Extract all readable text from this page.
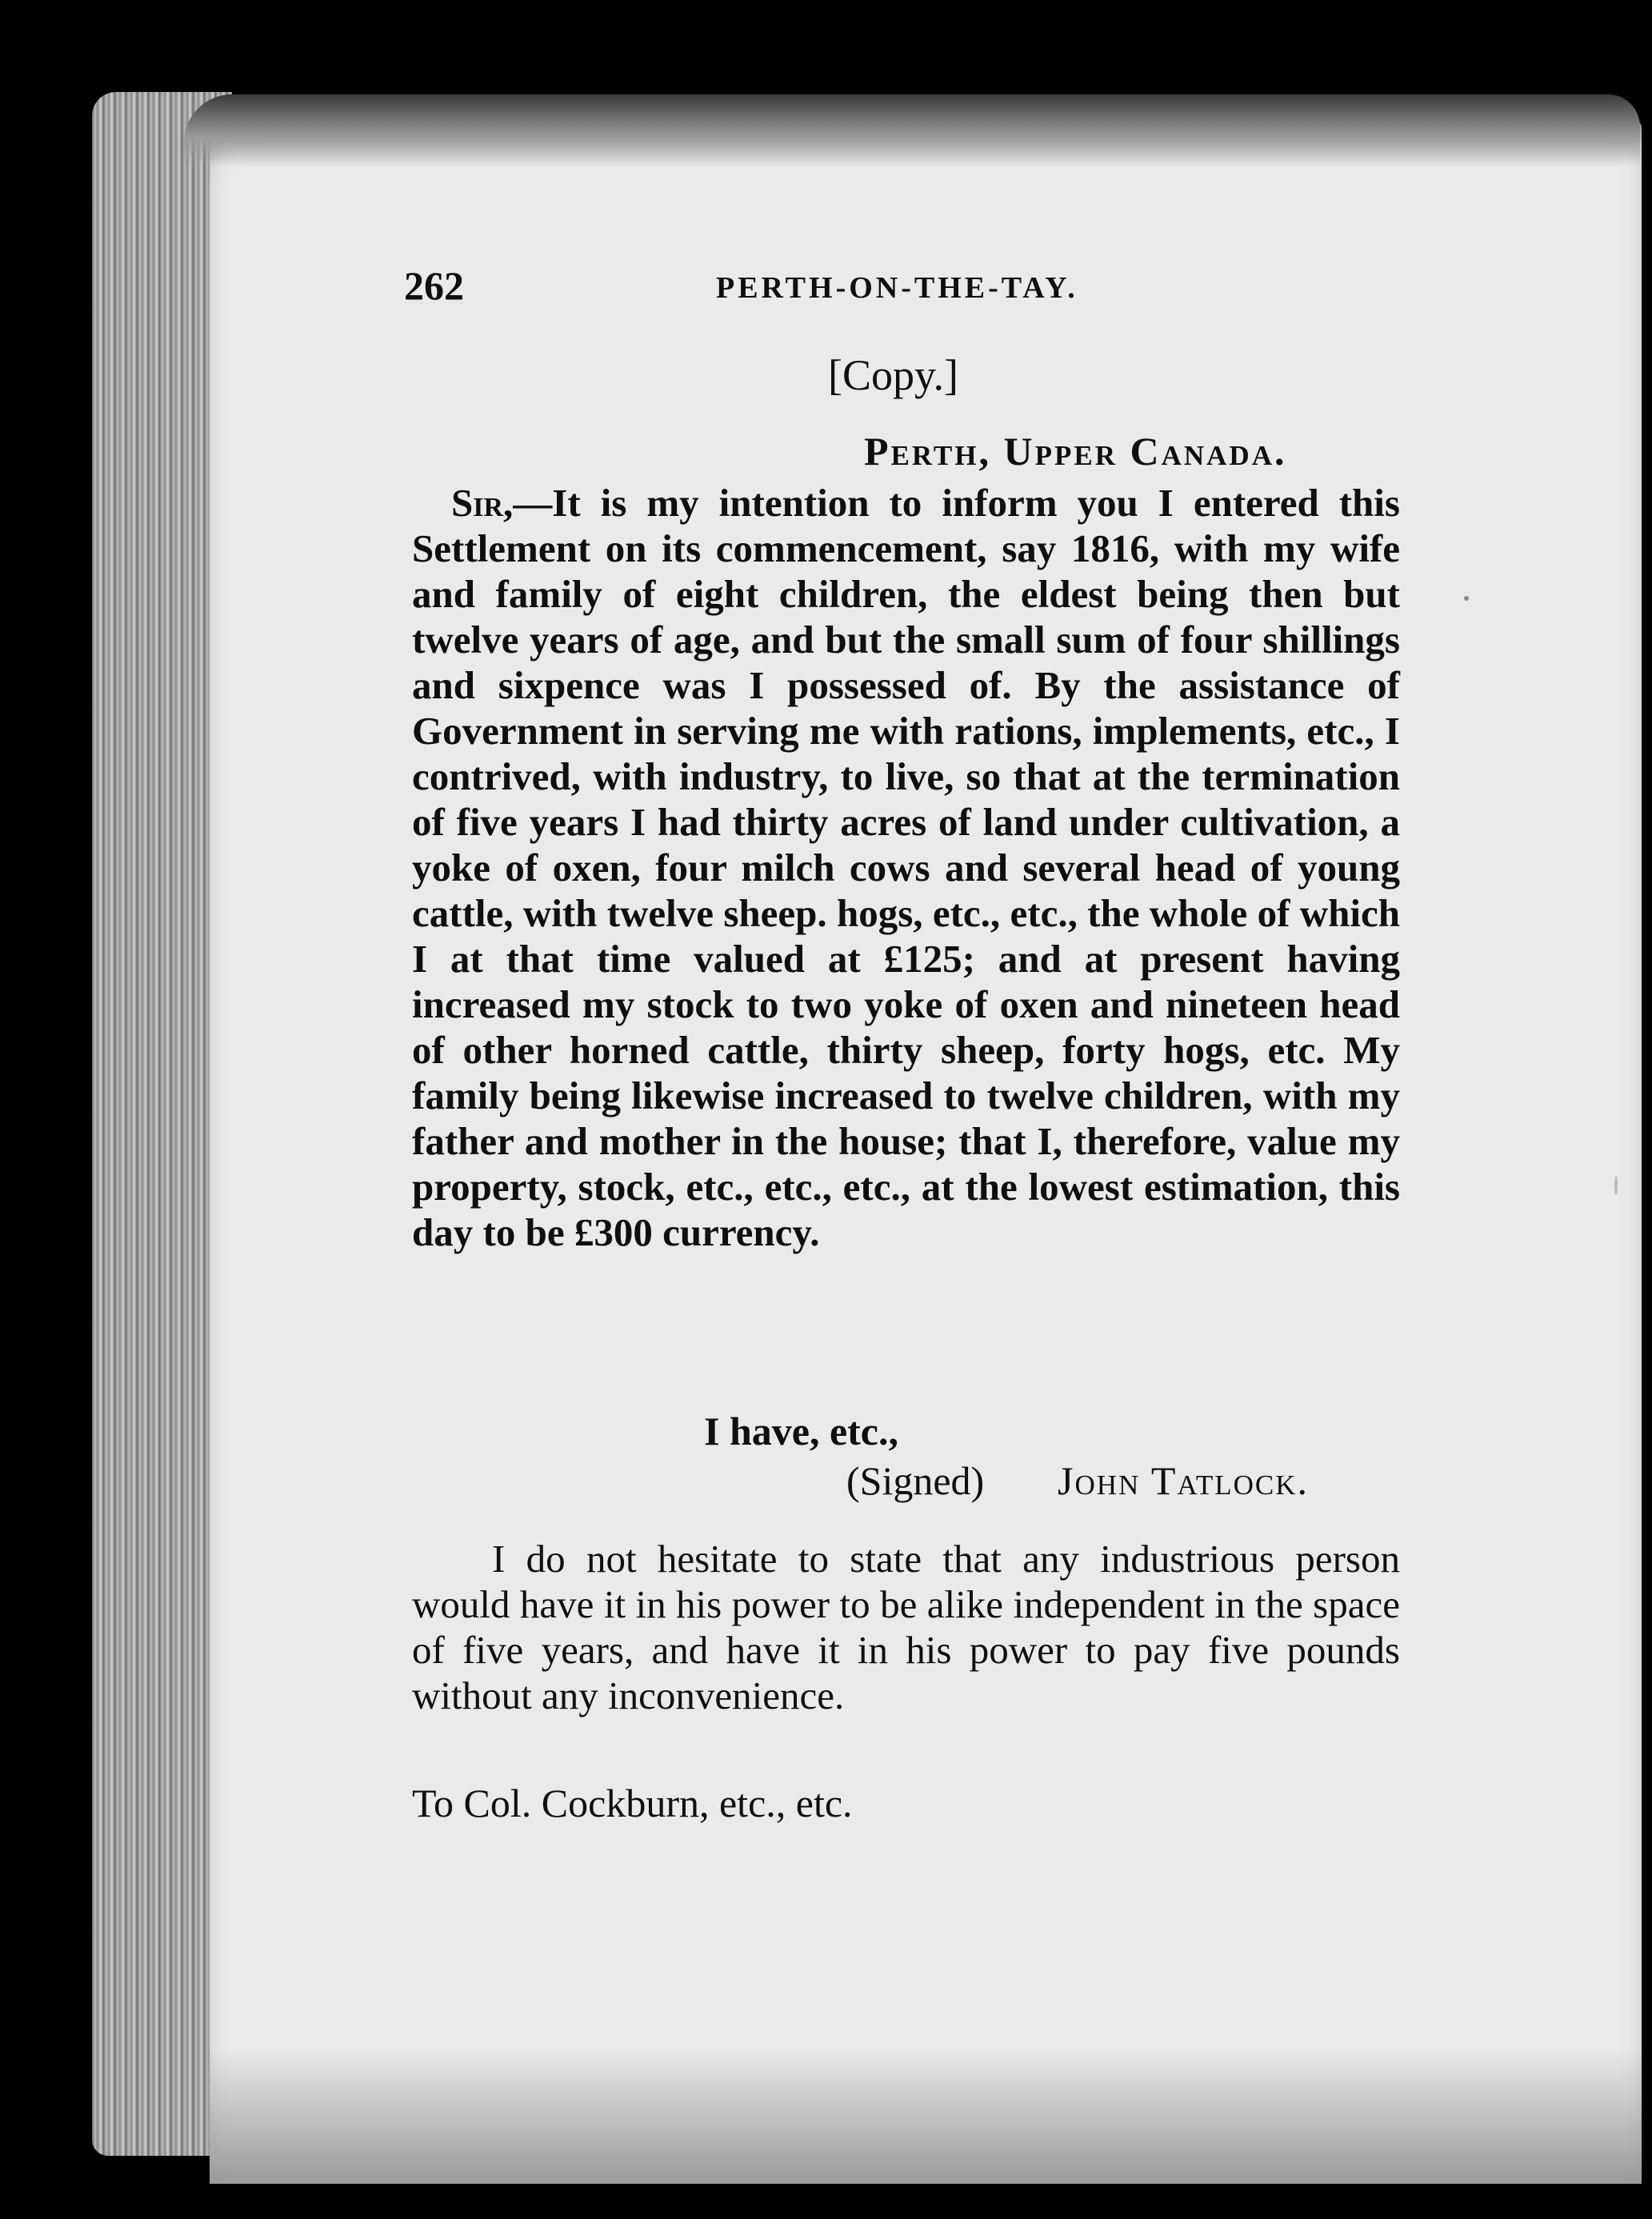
262	PERTH-ON-THE-TAY.
[Copy.]
Perth, Upper Canada.

 Sir,—It is my intention to inform you I entered this Settlement on its commencement, say 1816, with my wife and family of eight children, the eldest being then but twelve years of age, and but the small sum of four shillings and sixpence was I possessed of. By the assistance of Government in serving me with rations, implements, etc., I contrived, with industry, to live, so that at the termination of five years I had thirty acres of land under cultivation, a yoke of oxen, four milch cows and several head of young cattle, with twelve sheep. hogs, etc., etc., the whole of which I at that time valued at £125; and at present having increased my stock to two yoke of oxen and nineteen head of other horned cattle, thirty sheep, forty hogs, etc. My family being likewise increased to twelve children, with my father and mother in the house; that I, therefore, value my property, stock, etc., etc., etc., at the lowest estimation, this day to be £300 currency.

I have, etc.,
(Signed) John Tatlock.

I do not hesitate to state that any industrious person would have it in his power to be alike independent in the space of five years, and have it in his power to pay five pounds without any inconvenience.

To Col. Cockburn, etc., etc.
